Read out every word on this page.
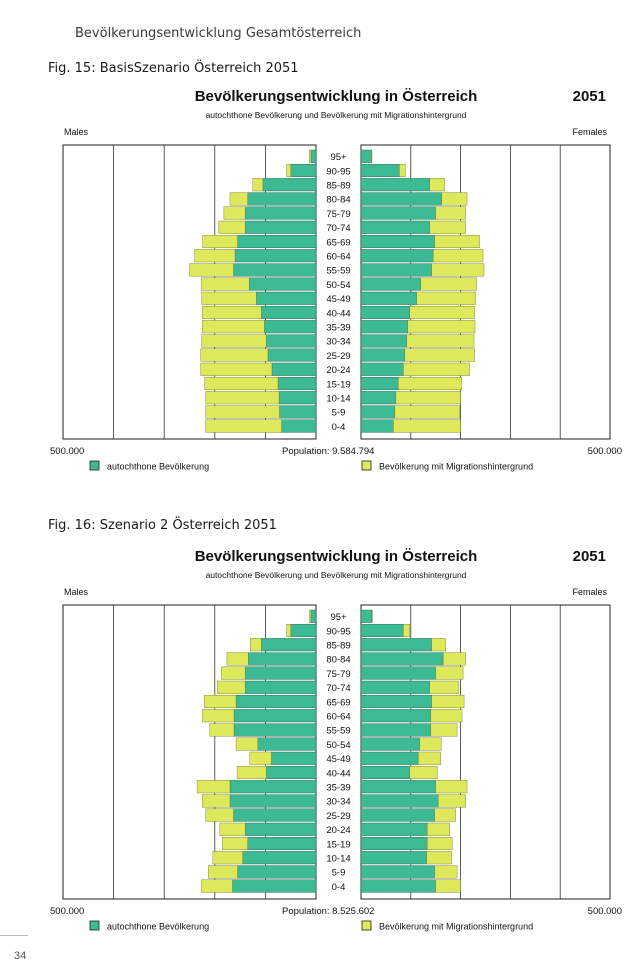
Bevölkerungsentwicklung Gesamtösterreich
Fig. 15: BasisSzenario Österreich 2051
Fig. 16: Szenario 2 Österreich 2051
Bevölkerungsentwicklung in Österreich	2051
autochthone Bevölkerung und Bevölkerung mit Migrationshintergrund
Males	Females
95+
90-95
85-89
80-84
75-79
70-74
65-69
60-64
55-59
50-54
45-49
40-44
35-39
30-34
25-29
20-24
15-19
10-14
5-9
0-4
500.000	500.000
Population: 9.584.794
autochthone Bevölkerung	Bevölkerung mit Migrationshintergrund
Bevölkerungsentwicklung in Österreich	2051
autochthone Bevölkerung und Bevölkerung mit Migrationshintergrund
Males	Females
95+
90-95
85-89
80-84
75-79
70-74
65-69
60-64
55-59
50-54
45-49
40-44
35-39
30-34
25-29
20-24
15-19
10-14
5-9
0-4
500.000	500.000
Population: 8.525.602
autochthone Bevölkerung	Bevölkerung mit Migrationshintergrund
34
